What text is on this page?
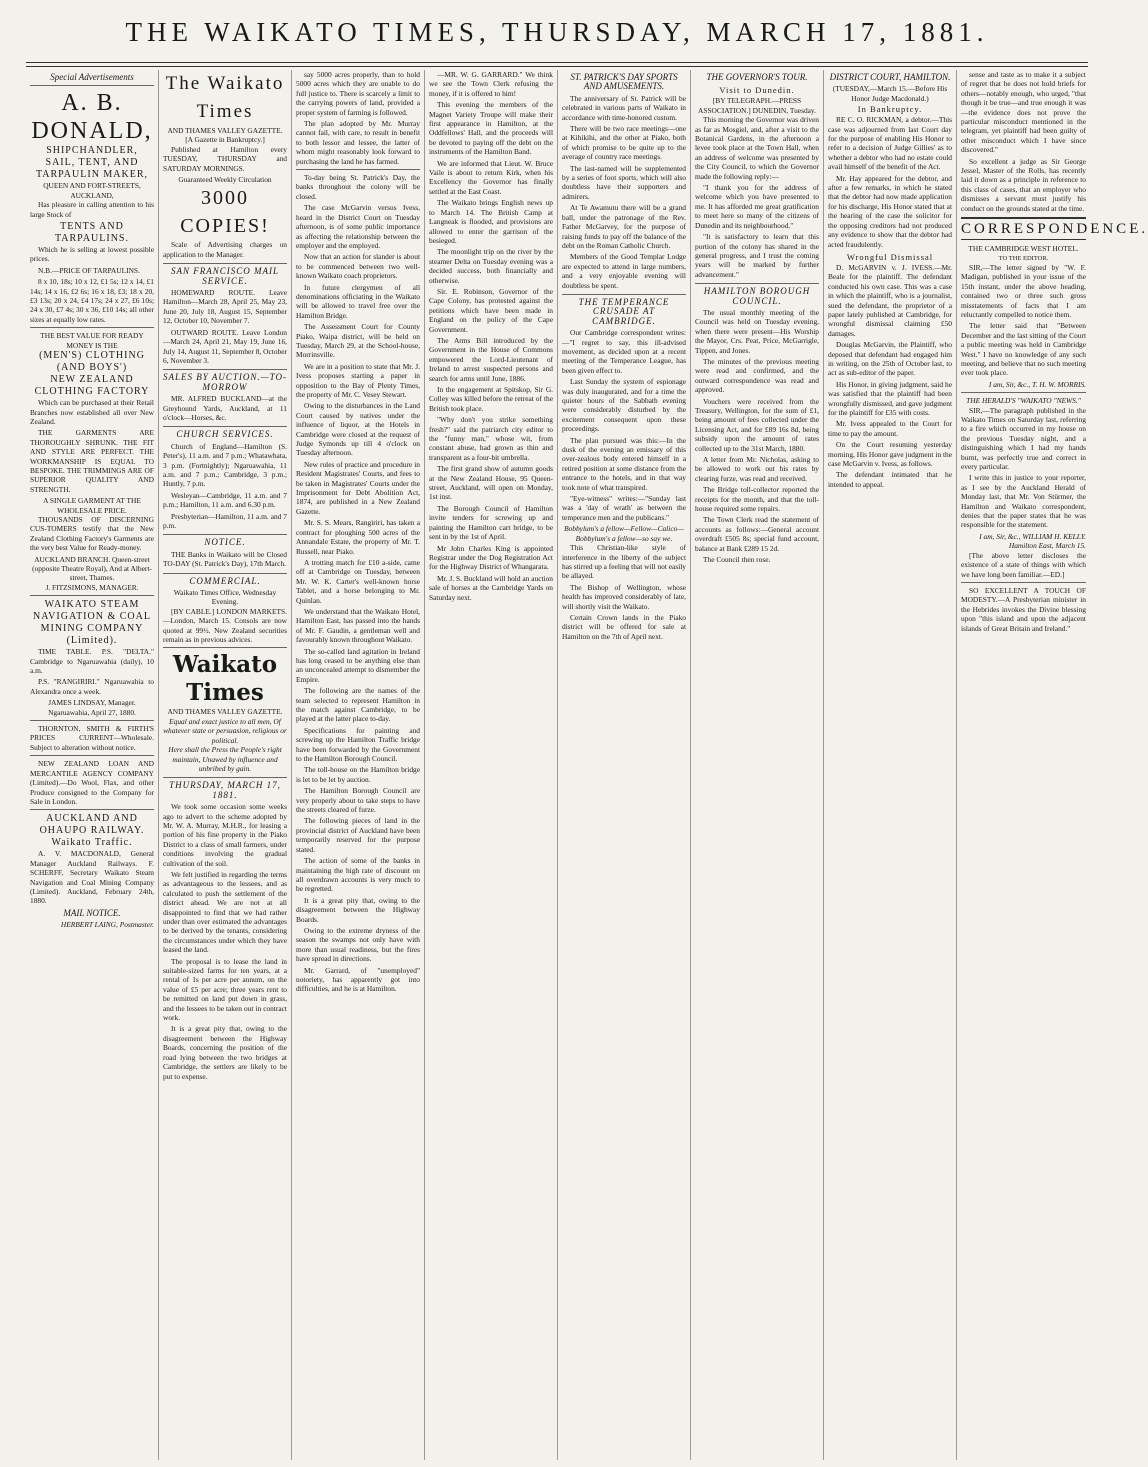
THE WAIKATO TIMES, THURSDAY, MARCH 17, 1881.
Special Advertisements
A. B. DONALD,
SHIPCHANDLER, SAIL, TENT, AND TARPAULIN MAKER,
QUEEN AND FORT-STREETS, AUCKLAND,

Has pleasure in calling attention to his large Stock of

TENTS AND TARPAULINS.

Which he is selling at lowest possible prices.

N.B.—PRICE OF TARPAULINS.

8 x 10, 18s; 10 x 12, £1 5s; 12 x 14, £1 14s; 14 x 16, £2 6s; 16 x 18, £3; 18 x 20, £3 13s; 20 x 24, £4 17s; 24 x 27, £6 10s; 24 x 30, £7 4s; 30 x 36, £10 14s; all other sizes at equally low rates.

THE BEST VALUE FOR READY MONEY IS THE
(MEN'S) CLOTHING (AND BOYS')
NEW ZEALAND CLOTHING FACTORY

Which can be purchased at their Retail Branches now established all over New Zealand.

THE GARMENTS ARE THOROUGHLY SHRUNK. THE FIT AND STYLE ARE PERFECT. THE WORKMANSHIP IS EQUAL TO BESPOKE. THE TRIMMINGS ARE OF SUPERIOR QUALITY AND STRENGTH.

A SINGLE GARMENT AT THE WHOLESALE PRICE.

THOUSANDS OF DISCERNING CUS-TOMERS testify that the New Zealand Clothing Factory's Garments are the very best Value for Ready-money.

AUCKLAND BRANCH. Queen-street (opposite Theatre Royal), And at Albert-street, Thames.
J. FITZSIMONS, MANAGER.
WAIKATO STEAM NAVIGATION & COAL MINING COMPANY (Limited).

TIME TABLE. P.S. "DELTA." Cambridge to Ngaruawahia (daily), 10 a.m.

P.S. "RANGIRIRI." Ngaruawahia to Alexandra once a week.

JAMES LINDSAY, Manager. Ngaruawahia, April 27, 1880.

THORNTON, SMITH & FIRTH'S PRICES CURRENT—Wholesale. Subject to alteration without notice.

NEW ZEALAND LOAN AND MERCANTILE AGENCY COMPANY (Limited).—Do Wool, Flax, and other Produce consigned to the Company for Sale in London.

AUCKLAND AND OHAUPO RAILWAY. Waikato Traffic.

A. V. MACDONALD, General Manager Auckland Railways. F. SCHERFF, Secretary Waikato Steam Navigation and Coal Mining Company (Limited). Auckland, February 24th, 1880.

MAIL NOTICE.
HERBERT LAING, Postmaster.
The Waikato Times
AND THAMES VALLEY GAZETTE.
[A Gazette in Bankruptcy.]

Published at Hamilton every TUESDAY, THURSDAY and SATURDAY MORNINGS.

Guaranteed Weekly Circulation
3000 COPIES!

Scale of Advertising charges on application to the Manager.

SAN FRANCISCO MAIL SERVICE.

HOMEWARD ROUTE. Leave Hamilton—March 28, April 25, May 23, June 20, July 18, August 15, September 12, October 10, November 7.

OUTWARD ROUTE. Leave London—March 24, April 21, May 19, June 16, July 14, August 11, September 8, October 6, November 3.

SALES BY AUCTION.—TO-MORROW

MR. ALFRED BUCKLAND—at the Greyhound Yards, Auckland, at 11 o'clock—Horses, &c.

CHURCH SERVICES.

Church of England—Hamilton (S. Peter's), 11 a.m. and 7 p.m.; Whatawhata, 3 p.m. (Fortnightly); Ngaruawahia, 11 a.m. and 7 p.m.; Cambridge, 3 p.m.; Huntly, 7 p.m.

Wesleyan—Cambridge, 11 a.m. and 7 p.m.; Hamilton, 11 a.m. and 6.30 p.m.

Presbyterian—Hamilton, 11 a.m. and 7 p.m.

NOTICE.

THE Banks in Waikato will be Closed TO-DAY (St. Patrick's Day), 17th March.

COMMERCIAL.
Waikato Times Office, Wednesday Evening.

[BY CABLE.] LONDON MARKETS.—London, March 15. Consols are now quoted at 99½. New Zealand securities remain as in previous advices.

Waikato Times
AND THAMES VALLEY GAZETTE.
Equal and exact justice to all men, Of whatever state or persuasion, religious or political.
Here shall the Press the People's right maintain, Unawed by influence and unbribed by gain.
THURSDAY, MARCH 17, 1881.

We took some occasion some weeks ago to advert to the scheme adopted by Mr. W. A. Murray, M.H.R., for leasing a portion of his fine property in the Piako District to a class of small farmers, under conditions involving the gradual cultivation of the soil.

We felt justified in regarding the terms as advantageous to the lessees, and as calculated to push the settlement of the district ahead. We are not at all disappointed to find that we had rather under than over estimated the advantages to be derived by the tenants, considering the circumstances under which they have leased the land.

The proposal is to lease the land in suitable-sized farms for ten years, at a rental of 1s per acre per annum, on the value of £5 per acre; three years rent to be remitted on land put down in grass, and the lessees to be taken out in contract work.

It is a great pity that, owing to the disagreement between the Highway Boards, concerning the position of the road lying between the two bridges at Cambridge, the settlers are likely to be put to expense.

say 5000 acres properly, than to hold 5000 acres which they are unable to do full justice to. There is scarcely a limit to the carrying powers of land, provided a proper system of farming is followed.

The plan adopted by Mr. Murray cannot fail, with care, to result in benefit to both lessor and lessee, the latter of whom might reasonably look forward to purchasing the land he has farmed.

To-day being St. Patrick's Day, the banks throughout the colony will be closed.

The case McGarvin versus Ivess, heard in the District Court on Tuesday afternoon, is of some public importance as affecting the relationship between the employer and the employed.

Now that an action for slander is about to be commenced between two well-known Waikato coach proprietors.

In future clergymen of all denominations officiating in the Waikato will be allowed to travel free over the Hamilton Bridge.

The Assessment Court for County Piako, Waipa district, will be held on Tuesday, March 29, at the School-house, Morrinsville.

We are in a position to state that Mr. J. Ivess proposes starting a paper in opposition to the Bay of Plenty Times, the property of Mr. C. Vesey Stewart.

Owing to the disturbances in the Land Court caused by natives under the influence of liquor, at the Hotels in Cambridge were closed at the request of Judge Symonds up till 4 o'clock on Tuesday afternoon.

New rules of practice and procedure in Resident Magistrates' Courts, and fees to be taken in Magistrates' Courts under the Imprisonment for Debt Abolition Act, 1874, are published in a New Zealand Gazette.

Mr. S. S. Mears, Rangiriri, has taken a contract for ploughing 500 acres of the Annandale Estate, the property of Mr. T. Russell, near Piako.

A trotting match for £10 a-side, came off at Cambridge on Tuesday, between Mr. W. K. Carter's well-known horse Tablet, and a horse belonging to Mr. Quinlan.

We understand that the Waikato Hotel, Hamilton East, has passed into the hands of Mr. F. Gaudin, a gentleman well and favourably known throughout Waikato.

The so-called land agitation in Ireland has long ceased to be anything else than an unconcealed attempt to dismember the Empire.

The following are the names of the team selected to represent Hamilton in the match against Cambridge, to be played at the latter place to-day.

Specifications for painting and screwing up the Hamilton Traffic bridge have been forwarded by the Government to the Hamilton Borough Council.

The toll-house on the Hamilton bridge is let to be let by auction.

The Hamilton Borough Council are very properly about to take steps to have the streets cleared of furze.

The following pieces of land in the provincial district of Auckland have been temporarily reserved for the purpose stated.

The action of some of the banks in maintaining the high rate of discount on all overdrawn accounts is very much to be regretted.

It is a great pity that, owing to the disagreement between the Highway Boards.

Owing to the extreme dryness of the season the swamps not only have with more than usual readiness, but the fires have spread in directions.

Mr. Garrard, of "unemployed" notoriety, has apparently got into difficulties, and he is at Hamilton.

—MR. W. G. GARRARD." We think we see the Town Clerk refusing the money, if it is offered to him!

This evening the members of the Magnet Variety Troupe will make their first appearance in Hamilton, at the Oddfellows' Hall, and the proceeds will be devoted to paying off the debt on the instruments of the Hamilton Band.

We are informed that Lieut. W. Bruce Vaile is about to return Kirk, when his Excellency the Governor has finally settled at the East Coast.

The Waikato brings English news up to March 14. The British Camp at Langneak is flooded, and provisions are allowed to enter the garrison of the besieged.

The moonlight trip on the river by the steamer Delta on Tuesday evening was a decided success, both financially and otherwise.

Sir. E. Robinson, Governor of the Cape Colony, has protested against the petitions which have been made in England on the policy of the Cape Government.

The Arms Bill introduced by the Government in the House of Commons empowered the Lord-Lieutenant of Ireland to arrest suspected persons and search for arms until June, 1886.

In the engagement at Spitskop, Sir G. Colley was killed before the retreat of the British took place.

"Why don't you strike something fresh?" said the patriarch city editor to the "funny man," whose wit, from constant abuse, had grown as thin and transparent as a four-bit umbrella.

The first grand show of autumn goods at the New Zealand House, 95 Queen-street, Auckland, will open on Monday, 1st inst.

The Borough Council of Hamilton invite tenders for screwing up and painting the Hamilton cart bridge, to be sent in by the 1st of April.

Mr John Charles King is appointed Registrar under the Dog Registration Act for the Highway District of Whangarata.

Mr. J. S. Buckland will hold an auction sale of horses at the Cambridge Yards on Saturday next.

ST. PATRICK'S DAY SPORTS AND AMUSEMENTS.

The anniversary of St. Patrick will be celebrated in various parts of Waikato in accordance with time-honored custom.

There will be two race meetings—one at Kihikihi, and the other at Piako, both of which promise to be quite up to the average of country race meetings.

The last-named will be supplemented by a series of foot sports, which will also doubtless have their supporters and admirers.

At Te Awamutu there will be a grand ball, under the patronage of the Rev. Father McGarvey, for the purpose of raising funds to pay off the balance of the debt on the Roman Catholic Church.

Members of the Good Templar Lodge are expected to attend in large numbers, and a very enjoyable evening will doubtless be spent.

THE TEMPERANCE CRUSADE AT CAMBRIDGE.

Our Cambridge correspondent writes:—"I regret to say, this ill-advised movement, as decided upon at a recent meeting of the Temperance League, has been given effect to.

Last Sunday the system of espionage was duly inaugurated, and for a time the quieter hours of the Sabbath evening were considerably disturbed by the excitement consequent upon these proceedings.

The plan pursued was this:—In the dusk of the evening an emissary of this over-zealous body entered himself in a retired position at some distance from the entrance to the hotels, and in that way took note of what transpired.

"Eye-witness" writes:—"Sunday last was a 'day of wrath' as between the temperance men and the publicans."

Bobbylum's a fellow—Fellow—Calico— Bobbylum's a fellow—so say we.

This Christian-like style of interference in the liberty of the subject has stirred up a feeling that will not easily be allayed.

The Bishop of Wellington, whose health has improved considerably of late, will shortly visit the Waikato.

Certain Crown lands in the Piako district will be offered for sale at Hamilton on the 7th of April next.

THE GOVERNOR'S TOUR.
Visit to Dunedin.
[BY TELEGRAPH.—PRESS ASSOCIATION.] DUNEDIN, Tuesday.

This morning the Governor was driven as far as Mosgiel, and, after a visit to the Botanical Gardens, in the afternoon a levee took place at the Town Hall, when an address of welcome was presented by the City Council, to which the Governor made the following reply:—

"I thank you for the address of welcome which you have presented to me. It has afforded me great gratification to meet here so many of the citizens of Dunedin and its neighbourhood."

"It is satisfactory to learn that this portion of the colony has shared in the general progress, and I trust the coming years will be marked by further advancement."

HAMILTON BOROUGH COUNCIL.

The usual monthly meeting of the Council was held on Tuesday evening, when there were present—His Worship the Mayor, Crs. Peat, Price, McGarrigle, Tippen, and Jones.

The minutes of the previous meeting were read and confirmed, and the outward correspondence was read and approved.

Vouchers were received from the Treasury, Wellington, for the sum of £1, being amount of fees collected under the Licensing Act, and for £89 16s 8d, being subsidy upon the amount of rates collected up to the 31st March, 1880.

A letter from Mr. Nicholas, asking to be allowed to work out his rates by clearing furze, was read and received.

The Bridge toll-collector reported the receipts for the month, and that the toll-house required some repairs.

The Town Clerk read the statement of accounts as follows:—General account overdraft £505 8s; special fund account, balance at Bank £289 15 2d.

The Council then rose.

DISTRICT COURT, HAMILTON.
(TUESDAY,—March 15.—Before His Honor Judge Macdonald.)
In Bankruptcy.

RE C. O. RICKMAN, a debtor.—This case was adjourned from last Court day for the purpose of enabling His Honor to refer to a decision of Judge Gillies' as to whether a debtor who had no estate could avail himself of the benefit of the Act.

Mr. Hay appeared for the debtor, and after a few remarks, in which he stated that the debtor had now made application for his discharge, His Honor stated that at the hearing of the case the solicitor for the opposing creditors had not produced any evidence to show that the debtor had acted fraudulently.

Wrongful Dismissal

D. McGARVIN v. J. IVESS.—Mr. Beale for the plaintiff. The defendant conducted his own case. This was a case in which the plaintiff, who is a journalist, sued the defendant, the proprietor of a paper lately published at Cambridge, for wrongful dismissal claiming £50 damages.

Douglas McGarvin, the Plaintiff, who deposed that defendant had engaged him in writing, on the 25th of October last, to act as sub-editor of the paper.

His Honor, in giving judgment, said he was satisfied that the plaintiff had been wrongfully dismissed, and gave judgment for the plaintiff for £35 with costs.

Mr. Ivess appealed to the Court for time to pay the amount.

On the Court resuming yesterday morning, His Honor gave judgment in the case McGarvin v. Ivess, as follows.

The defendant intimated that he intended to appeal.

sense and taste as to make it a subject of regret that he does not hold briefs for others—notably enough, who urged, "that though it be true—and true enough it was—the evidence does not prove the particular misconduct mentioned in the telegram, yet plaintiff had been guilty of other misconduct which I have since discovered."

So excellent a judge as Sir George Jessel, Master of the Rolls, has recently laid it down as a principle in reference to this class of cases, that an employer who dismisses a servant must justify his conduct on the grounds stated at the time.

CORRESPONDENCE.
THE CAMBRIDGE WEST HOTEL.
TO THE EDITOR.

SIR,—The letter signed by "W. F. Madigan, published in your issue of the 15th instant, under the above heading, contained two or three such gross misstatements of facts that I am reluctantly compelled to notice them.

The letter said that "Between December and the last sitting of the Court a public meeting was held in Cambridge West." I have no knowledge of any such meeting, and believe that no such meeting ever took place.

I am, Sir, &c., T. H. W. MORRIS.
THE HERALD'S "WAIKATO "NEWS."

SIR,—The paragraph published in the Waikato Times on Saturday last, referring to a fire which occurred in my house on the previous Tuesday night, and a distinguishing which I had my hands burnt, was perfectly true and correct in every particular.

I write this in justice to your reporter, as I see by the Auckland Herald of Monday last, that Mr. Von Stürmer, the Hamilton and Waikato correspondent, denies that the paper states that he was responsible for the statement.

I am, Sir, &c., WILLIAM H. KELLY. Hamilton East, March 15.

[The above letter discloses the existence of a state of things with which we have long been familiar.—ED.]

SO EXCELLENT A TOUCH OF MODESTY.—A Presbyterian minister in the Hebrides invokes the Divine blessing upon "this island and upon the adjacent islands of Great Britain and Ireland."
